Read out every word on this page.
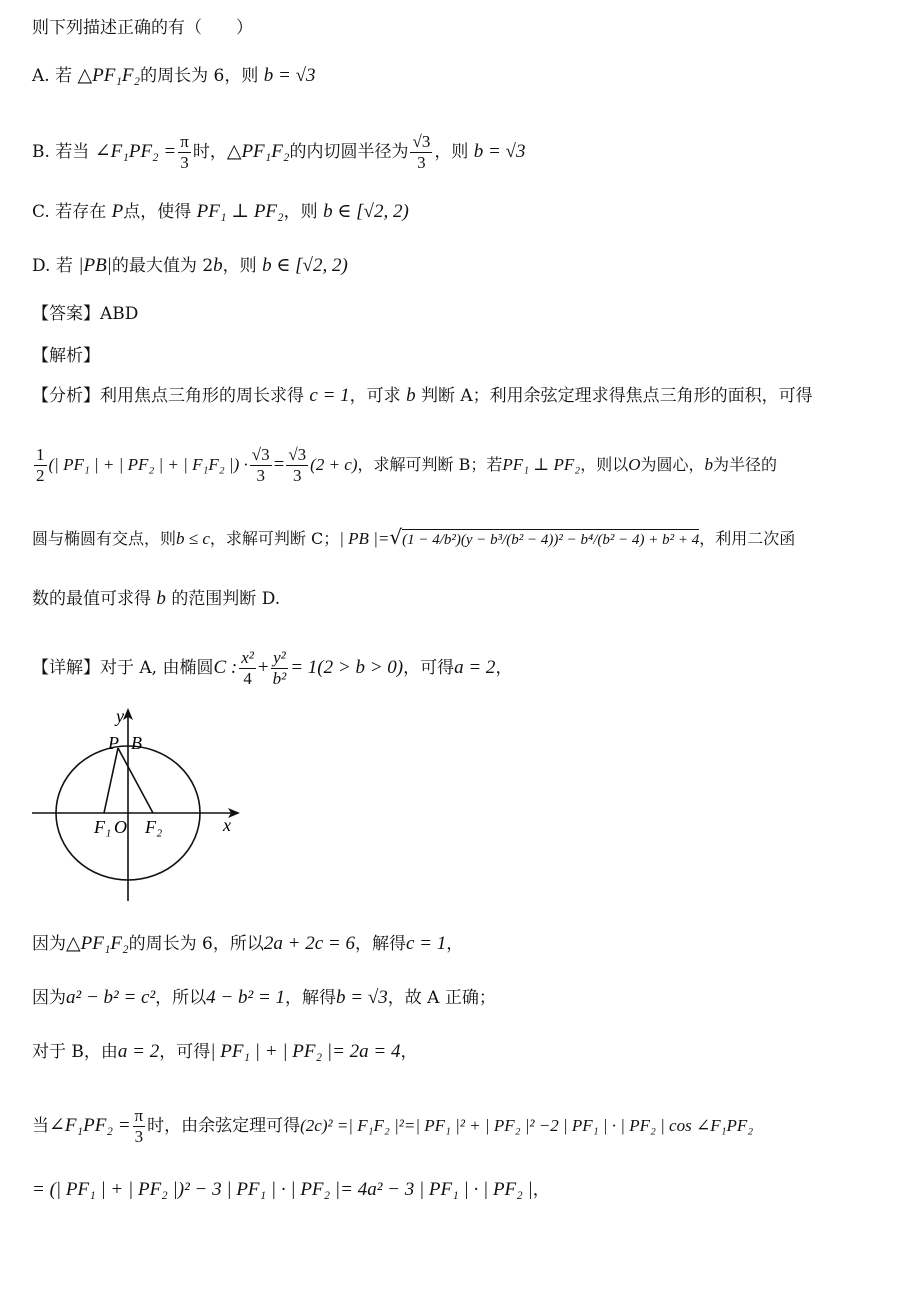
则下列描述正确的有（　　）
A. 若 △PF₁F₂的周长为 6，则 b = √3
B. 若当 ∠F₁PF₂ = $\frac{\pi}{3}$ 时，△PF₁F₂的内切圆半径为 $\frac{√3}{3}$ ，则 b = √3
C. 若存在 P点，使得 PF₁ ⊥ PF₂，则 b ∈ [√2, 2)
D. 若 |PB|的最大值为 2b，则 b ∈ [√2, 2)
【答案】ABD
【解析】
【分析】利用焦点三角形的周长求得 c = 1，可求 b 判断 A；利用余弦定理求得焦点三角形的面积，可得
$\frac{1}{2}$ (| PF₁ | + | PF₂ | + | F₁F₂ |) · $\frac{√3}{3} = \frac{√3}{3} (2 + c)$，求解可判断 B；若PF₁ ⊥ PF₂，则以O为圆心，b为半径的
圆与椭圆有交点，则b ≤ c，求解可判断 C；| PB |=√(1 − 4/b²)(y − b³/(b² − 4))² − b⁴/(b² − 4) + b² + 4，利用二次函
数的最值可求得 b 的范围判断 D.
【详解】对于 A, 由椭圆C : $\frac{\text{x²}}{4} + \frac{\text{y²}}{\text{b²}} = 1(2 > b > 0)$，可得a = 2，
y
x
P B
F₁ O F₂
因为△PF₁F₂的周长为 6，所以2a + 2c = 6，解得c = 1，
因为a² − b² = c²，所以4 − b² = 1，解得b = √3，故 A 正确；
对于 B，由a = 2，可得| PF₁ | + | PF₂ |= 2a = 4，
当∠F₁PF₂ = $\frac{\pi}{3}$ 时，由余弦定理可得(2c)² =| F₁F₂ |²=| PF₁ |² + | PF₂ |² −2 | PF₁ | · | PF₂ | cos ∠F₁PF₂
= (| PF₁ | + | PF₂ |)² − 3 | PF₁ | · | PF₂ |= 4a² − 3 | PF₁ | · | PF₂ |，
